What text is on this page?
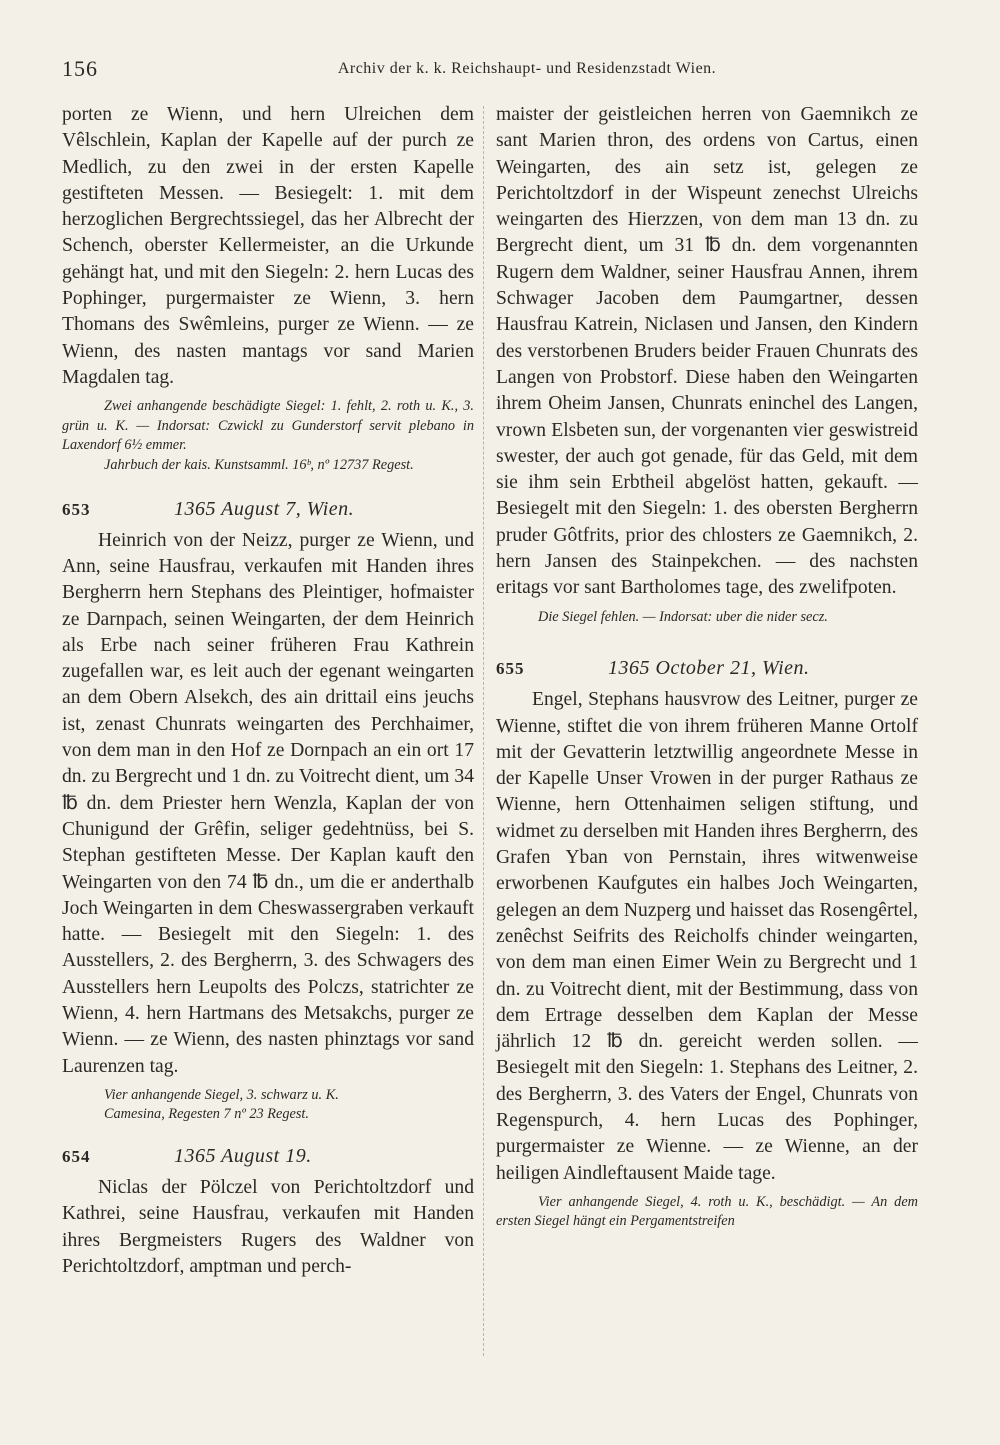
156	Archiv der k. k. Reichshaupt- und Residenzstadt Wien.

porten ze Wienn, und hern Ulreichen dem Vêlschlein, Kaplan der Kapelle auf der purch ze Medlich, zu den zwei in der ersten Kapelle gestifteten Messen. — Besiegelt: 1. mit dem herzoglichen Bergrechtssiegel, das her Albrecht der Schench, oberster Kellermeister, an die Urkunde gehängt hat, und mit den Siegeln: 2. hern Lucas des Pophinger, purgermaister ze Wienn, 3. hern Thomans des Swêmleins, purger ze Wienn. — ze Wienn, des nasten mantags vor sand Marien Magdalen tag.

Zwei anhangende beschädigte Siegel: 1. fehlt, 2. roth u. K., 3. grün u. K. — Indorsat: Czwickl zu Gunderstorf servit plebano in Laxendorf 6½ emmer.

Jahrbuch der kais. Kunstsamml. 16ᵇ, nº 12737 Regest.

653	1365 August 7, Wien.

Heinrich von der Neizz, purger ze Wienn, und Ann, seine Hausfrau, verkaufen mit Handen ihres Bergherrn hern Stephans des Pleintiger, hofmaister ze Darnpach, seinen Weingarten, der dem Heinrich als Erbe nach seiner früheren Frau Kathrein zugefallen war, es leit auch der egenant weingarten an dem Obern Alsekch, des ain drittail eins jeuchs ist, zenast Chunrats weingarten des Perchhaimer, von dem man in den Hof ze Dornpach an ein ort 17 dn. zu Bergrecht und 1 dn. zu Voitrecht dient, um 34 ℔ dn. dem Priester hern Wenzla, Kaplan der von Chunigund der Grêfin, seliger gedehtnüss, bei S. Stephan gestifteten Messe. Der Kaplan kauft den Weingarten von den 74 ℔ dn., um die er anderthalb Joch Weingarten in dem Cheswassergraben verkauft hatte. — Besiegelt mit den Siegeln: 1. des Ausstellers, 2. des Bergherrn, 3. des Schwagers des Ausstellers hern Leupolts des Polczs, statrichter ze Wienn, 4. hern Hartmans des Metsakchs, purger ze Wienn. — ze Wienn, des nasten phinztags vor sand Laurenzen tag.

Vier anhangende Siegel, 3. schwarz u. K.

Camesina, Regesten 7 nº 23 Regest.

654	1365 August 19.

Niclas der Pölczel von Perichtoltzdorf und Kathrei, seine Hausfrau, verkaufen mit Handen ihres Bergmeisters Rugers des Waldner von Perichtoltzdorf, amptman und perch-

maister der geistleichen herren von Gaemnikch ze sant Marien thron, des ordens von Cartus, einen Weingarten, des ain setz ist, gelegen ze Perichtoltzdorf in der Wispeunt zenechst Ulreichs weingarten des Hierzzen, von dem man 13 dn. zu Bergrecht dient, um 31 ℔ dn. dem vorgenannten Rugern dem Waldner, seiner Hausfrau Annen, ihrem Schwager Jacoben dem Paumgartner, dessen Hausfrau Katrein, Niclasen und Jansen, den Kindern des verstorbenen Bruders beider Frauen Chunrats des Langen von Probstorf. Diese haben den Weingarten ihrem Oheim Jansen, Chunrats eninchel des Langen, vrown Elsbeten sun, der vorgenanten vier geswistreid swester, der auch got genade, für das Geld, mit dem sie ihm sein Erbtheil abgelöst hatten, gekauft. — Besiegelt mit den Siegeln: 1. des obersten Bergherrn pruder Gôtfrits, prior des chlosters ze Gaemnikch, 2. hern Jansen des Stainpekchen. — des nachsten eritags vor sant Bartholomes tage, des zwelifpoten.

Die Siegel fehlen. — Indorsat: uber die nider secz.

655	1365 October 21, Wien.

Engel, Stephans hausvrow des Leitner, purger ze Wienne, stiftet die von ihrem früheren Manne Ortolf mit der Gevatterin letztwillig angeordnete Messe in der Kapelle Unser Vrowen in der purger Rathaus ze Wienne, hern Ottenhaimen seligen stiftung, und widmet zu derselben mit Handen ihres Bergherrn, des Grafen Yban von Pernstain, ihres witwenweise erworbenen Kaufgutes ein halbes Joch Weingarten, gelegen an dem Nuzperg und haisset das Rosengêrtel, zenêchst Seifrits des Reicholfs chinder weingarten, von dem man einen Eimer Wein zu Bergrecht und 1 dn. zu Voitrecht dient, mit der Bestimmung, dass von dem Ertrage desselben dem Kaplan der Messe jährlich 12 ℔ dn. gereicht werden sollen. — Besiegelt mit den Siegeln: 1. Stephans des Leitner, 2. des Bergherrn, 3. des Vaters der Engel, Chunrats von Regenspurch, 4. hern Lucas des Pophinger, purgermaister ze Wienne. — ze Wienne, an der heiligen Aindleftausent Maide tage.

Vier anhangende Siegel, 4. roth u. K., beschädigt. — An dem ersten Siegel hängt ein Pergamentstreifen
